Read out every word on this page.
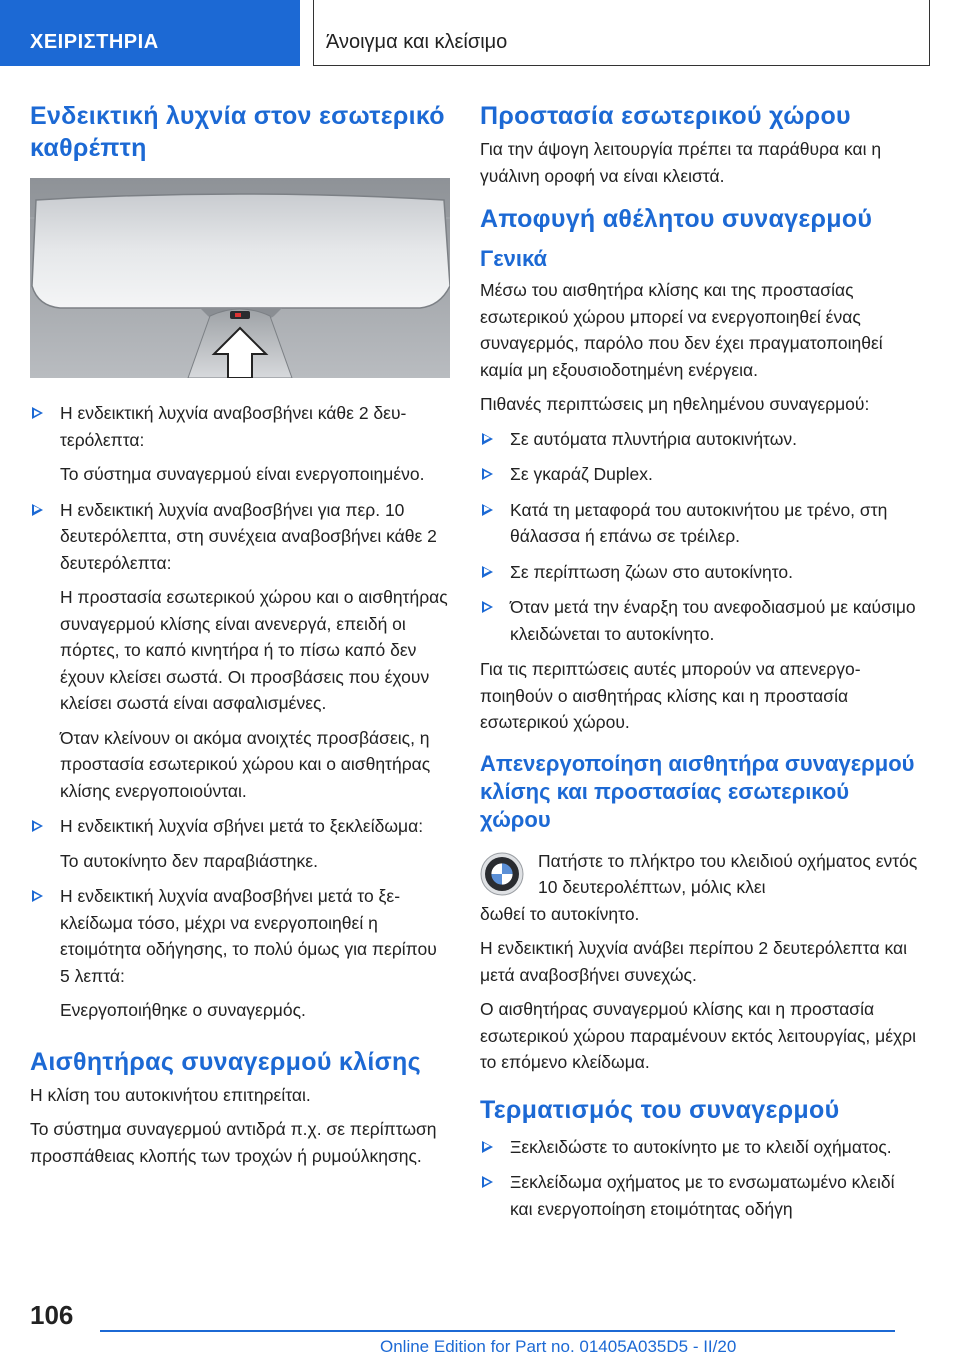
ΧΕΙΡΙΣΤΗΡΙΑ	Άνοιγμα και κλείσιμο
Ενδεικτική λυχνία στον εσωτερικό καθρέπτη
Η ενδεικτική λυχνία αναβοσβήνει κάθε 2 δευτερόλεπτα:
Το σύστημα συναγερμού είναι ενεργοποιημένο.
Η ενδεικτική λυχνία αναβοσβήνει για περ. 10 δευτερόλεπτα, στη συνέχεια αναβοσβήνει κάθε 2 δευτερόλεπτα:
Η προστασία εσωτερικού χώρου και ο αισθητήρας συναγερμού κλίσης είναι ανενεργά, επειδή οι πόρτες, το καπό κινητήρα ή το πίσω καπό δεν έχουν κλείσει σωστά. Οι προσβάσεις που έχουν κλείσει σωστά είναι ασφαλισμένες.
Όταν κλείνουν οι ακόμα ανοιχτές προσβάσεις, η προστασία εσωτερικού χώρου και ο αισθητήρας κλίσης ενεργοποιούνται.
Η ενδεικτική λυχνία σβήνει μετά το ξεκλείδωμα:
Το αυτοκίνητο δεν παραβιάστηκε.
Η ενδεικτική λυχνία αναβοσβήνει μετά το ξεκλείδωμα τόσο, μέχρι να ενεργοποιηθεί η ετοιμότητα οδήγησης, το πολύ όμως για περίπου 5 λεπτά:
Ενεργοποιήθηκε ο συναγερμός.
Αισθητήρας συναγερμού κλίσης

Η κλίση του αυτοκινήτου επιτηρείται.

Το σύστημα συναγερμού αντιδρά π.χ. σε περίπτωση προσπάθειας κλοπής των τροχών ή ρυμούλκησης.

Προστασία εσωτερικού χώρου

Για την άψογη λειτουργία πρέπει τα παράθυρα και η γυάλινη οροφή να είναι κλειστά.

Αποφυγή αθέλητου συναγερμού
Γενικά

Μέσω του αισθητήρα κλίσης και της προστασίας εσωτερικού χώρου μπορεί να ενεργοποιηθεί ένας συναγερμός, παρόλο που δεν έχει πραγματοποιηθεί καμία μη εξουσιοδοτημένη ενέργεια.

Πιθανές περιπτώσεις μη ηθελημένου συναγερμού:

Σε αυτόματα πλυντήρια αυτοκινήτων.
Σε γκαράζ Duplex.
Κατά τη μεταφορά του αυτοκινήτου με τρένο, στη θάλασσα ή επάνω σε τρέιλερ.
Σε περίπτωση ζώων στο αυτοκίνητο.
Όταν μετά την έναρξη του ανεφοδιασμού με καύσιμο κλειδώνεται το αυτοκίνητο.

Για τις περιπτώσεις αυτές μπορούν να απενεργοποιηθούν ο αισθητήρας κλίσης και η προστασία εσωτερικού χώρου.

Απενεργοποίηση αισθητήρα συναγερμού κλίσης και προστασίας εσωτερικού χώρου
Πατήστε το πλήκτρο του κλειδιού οχήματος εντός 10 δευτερολέπτων, μόλις κλει
δωθεί το αυτοκίνητο.

Η ενδεικτική λυχνία ανάβει περίπου 2 δευτερόλεπτα και μετά αναβοσβήνει συνεχώς.

Ο αισθητήρας συναγερμού κλίσης και η προστασία εσωτερικού χώρου παραμένουν εκτός λειτουργίας, μέχρι το επόμενο κλείδωμα.

Τερματισμός του συναγερμού
Ξεκλειδώστε το αυτοκίνητο με το κλειδί οχήματος.
Ξεκλείδωμα οχήματος με το ενσωματωμένο κλειδί και ενεργοποίηση ετοιμότητας οδήγη
106
Online Edition for Part no. 01405A035D5 - II/20
